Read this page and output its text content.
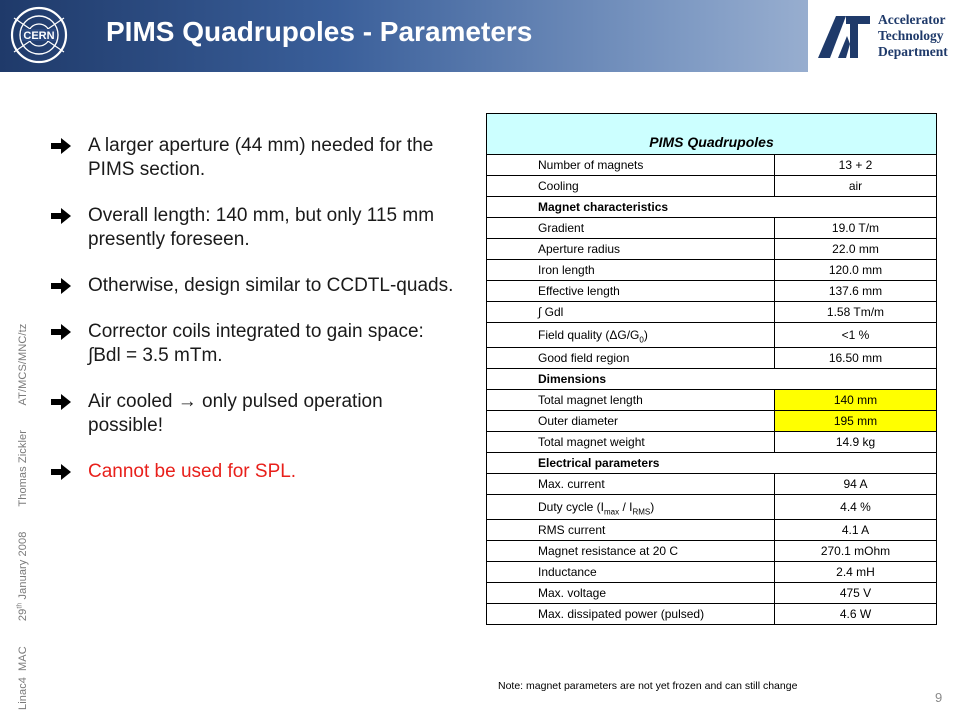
CERN PIMS Quadrupoles - Parameters	Accelerator
Technology
Department
Linac4MAC 29th January 2008 Thomas Zickler AT/MCS/MNC/tz
A larger aperture (44 mm) needed for the PIMS section.
Overall length: 140 mm, but only 115 mm presently foreseen.
Otherwise, design similar to CCDTL-quads.
Corrector coils integrated to gain space: ∫Bdl = 3.5 mTm.
Air cooled → only pulsed operation possible!
Cannot be used for SPL.
PIMS Quadrupoles	
Number of magnets	13 + 2
Cooling	air
Magnet characteristics	
Gradient	19.0 T/m
Aperture radius	22.0 mm
Iron length	120.0 mm
Effective length	137.6 mm
∫ Gdl	1.58 Tm/m
Field quality $(\Delta G/G_0)$	<1 %
Good field region	16.50 mm
Dimensions	
Total magnet length	140 mm
Outer diameter	195 mm
Total magnet weight	14.9 kg
Electrical parameters	
Max. current	94 A
Duty cycle $(I_{max} / I_{RMS})$	4.4 %
RMS current	4.1 A
Magnet resistance at 20 C	270.1 mOhm
Inductance	2.4 mH
Max. voltage	475 V
Max. dissipated power (pulsed)	4.6 W
Note: magnet parameters are not yet frozen and can still change
9
